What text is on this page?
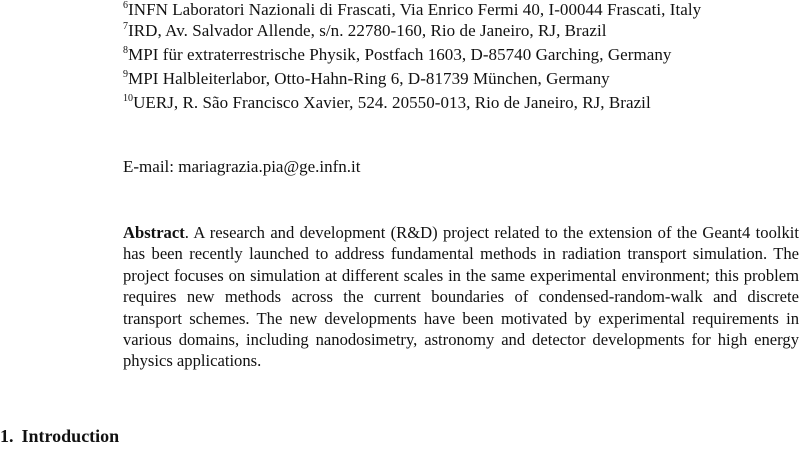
$^6$INFN Laboratori Nazionali di Frascati, Via Enrico Fermi 40, I-00044 Frascati, Italy
$^7$IRD, Av. Salvador Allende, s/n. 22780-160, Rio de Janeiro, RJ, Brazil
$^8$MPI für extraterrestrische Physik, Postfach 1603, D-85740 Garching, Germany
$^9$MPI Halbleiterlabor, Otto-Hahn-Ring 6, D-81739 München, Germany
$^{10}$UERJ, R. São Francisco Xavier, 524. 20550-013, Rio de Janeiro, RJ, Brazil
E-mail: mariagrazia.pia@ge.infn.it
Abstract. A research and development (R&D) project related to the extension of the Geant4 toolkit has been recently launched to address fundamental methods in radiation transport simulation. The project focuses on simulation at different scales in the same experimental environment; this problem requires new methods across the current boundaries of condensed-random-walk and discrete transport schemes. The new developments have been motivated by experimental requirements in various domains, including nanodosimetry, astronomy and detector developments for high energy physics applications.
1. Introduction
